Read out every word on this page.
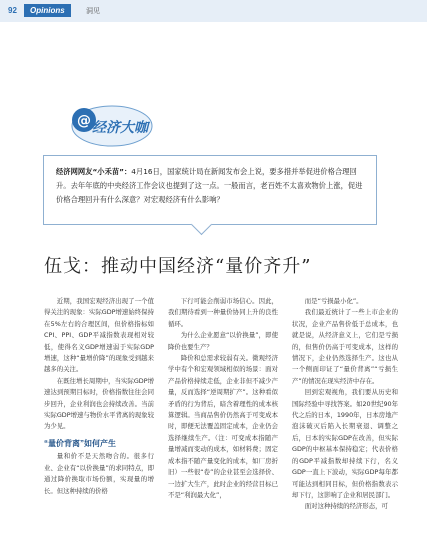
92	Opinions	洞见
@ 经济大咖
经济网网友“小禾苗”：4月16日，国家统计局在新闻发布会上说，要多措并举促进价格合理回升。去年年底的中央经济工作会议也提到了这一点。一般而言，老百姓不太喜欢物价上涨，促进价格合理回升有什么深意？对宏观经济有什么影响？
伍戈：推动中国经济“量价齐升”

近期，我国宏观经济出现了一个值得关注的现象：实际GDP增速始终保持在5%左右的合理区间，但价格指标如CPI、PPI、GDP平减指数表现相对较低，使得名义GDP增速弱于实际GDP增速，这种“量增价降”的现象受到越来越多的关注。

在既往增长周期中，当实际GDP增速达到预期目标时，价格指数往往会同步回升，企业利润也会持续改善。当前实际GDP增速与物价水平背离的现象较为少见。

“量价背离”如何产生

量和价不是天然吻合的。很多行业、企业有“以价换量”的求同特点，即通过降价换取市场份额，实现量的增长。但这种持续的价格

下行可能会削弱市场信心。因此，我们期待看到一种量价协同上升的良性循环。

为什么企业愿意“以价换量”，即使降价也要生产？

降价和总需求较弱有关。微观经济学中有个和宏观领域相似的场景：面对产品价格持续走低，企业非但不减少产量，反而选择“逆周期扩产”。这种看似矛盾的行为背后，暗含着理性的成本核算逻辑。当商品售价仍然高于可变成本时，即便无法覆盖固定成本，企业仍会选择继续生产。（注：可变成本指随产量增减而变动的成本，如材料费；固定成本指不随产量变化的成本，如厂房折旧）一些很“卷”的企业甚至会选择价、一边扩大生产，此时企业的经营目标已不是“利润最大化”，

而是“亏损最小化”。

我们最近统计了一些上市企业的状况，企业产品售价低于总成本，也就是说，从经济意义上，它们是亏损的，但售价仍高于可变成本，这样的情况下，企业仍然选择生产。这也从一个侧面印证了“量价背离”“亏损生产”的情况在现实经济中存在。

回到宏观视角，我们要从历史和国际经验中寻找答案。如20世纪90年代之后的日本，1990年，日本房地产泡沫破灭后陷入长期衰退、调整之后，日本的实际GDP在改善，但实际GDP的中枢基本保持稳定；代表价格的GDP平减指数却持续下行，名义GDP一直上下波动，实际GDP每年都可能达到相同目标，但价格指数表示却下行，这影响了企业和居民部门。

面对这种持续的经济形态，可
